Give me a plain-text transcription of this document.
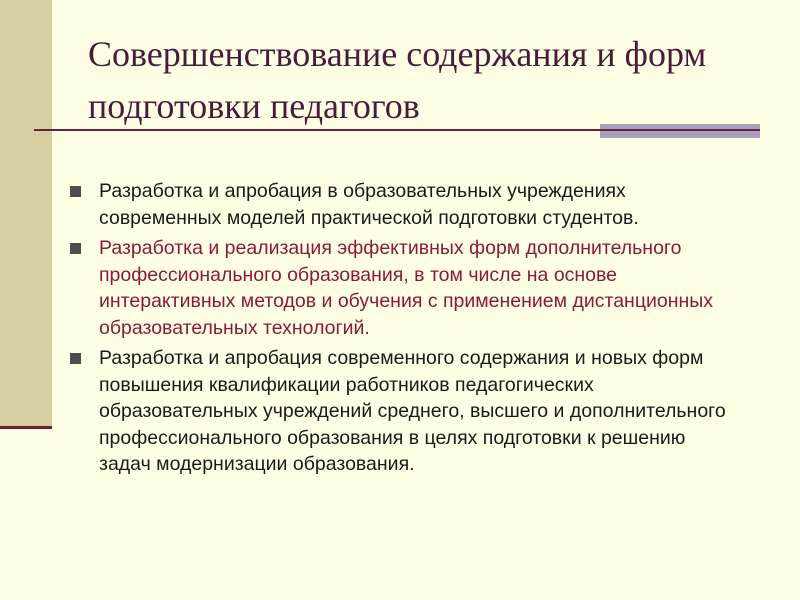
Совершенствование содержания и форм подготовки педагогов
Разработка и апробация в образовательных учреждениях современных моделей практической подготовки студентов.
Разработка и реализация эффективных форм дополнительного профессионального образования, в том числе на основе интерактивных методов и обучения с применением дистанционных образовательных технологий.
Разработка и апробация современного содержания и новых форм повышения квалификации работников педагогических образовательных учреждений среднего, высшего и дополнительного профессионального образования в целях подготовки к решению задач модернизации образования.
